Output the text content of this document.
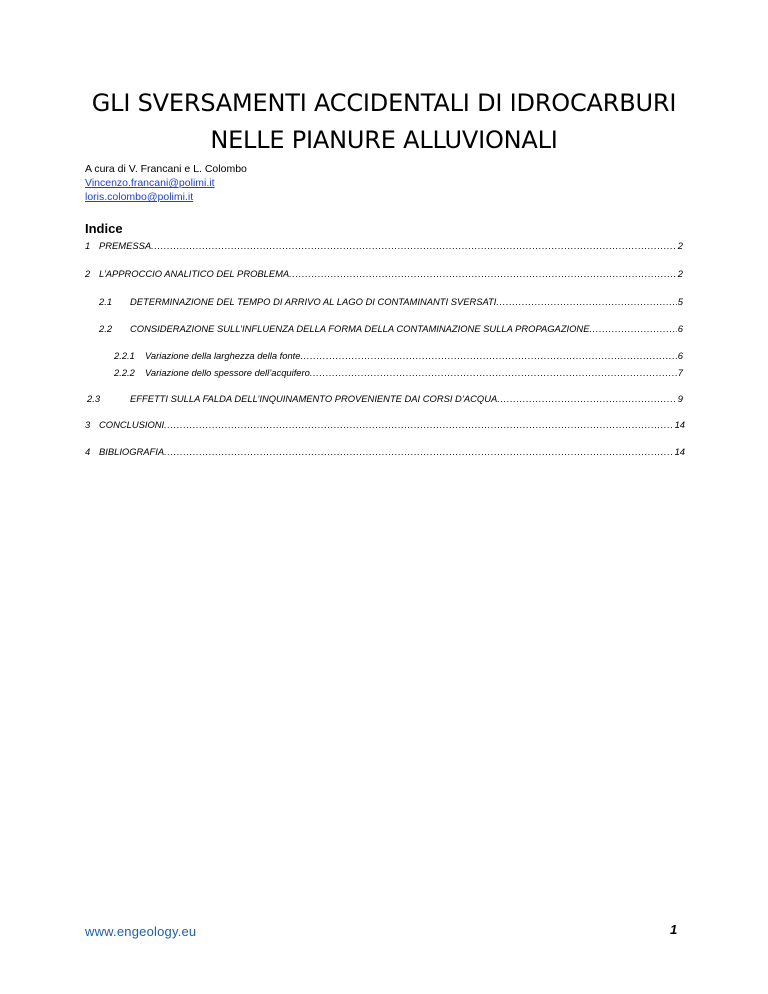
GLI SVERSAMENTI ACCIDENTALI DI IDROCARBURI
NELLE PIANURE ALLUVIONALI
A cura di V. Francani e L. Colombo
Vincenzo.francani@polimi.it
loris.colombo@polimi.it
Indice
1 PREMESSA .....	2
2 L’APPROCCIO ANALITICO DEL PROBLEMA .....	2
2.1 DETERMINAZIONE DEL TEMPO DI ARRIVO AL LAGO DI CONTAMINANTI SVERSATI .....	5
2.2 CONSIDERAZIONE SULL’INFLUENZA DELLA FORMA DELLA CONTAMINAZIONE SULLA PROPAGAZIONE .....	6
2.2.1 Variazione della larghezza della fonte .....	6
2.2.2 Variazione dello spessore dell’acquifero .....	7
2.3	EFFETTI SULLA FALDA DELL’INQUINAMENTO PROVENIENTE DAI CORSI D’ACQUA .....	9
3 CONCLUSIONI .....	14
4 BIBLIOGRAFIA .....	14
www.engeology.eu	1
